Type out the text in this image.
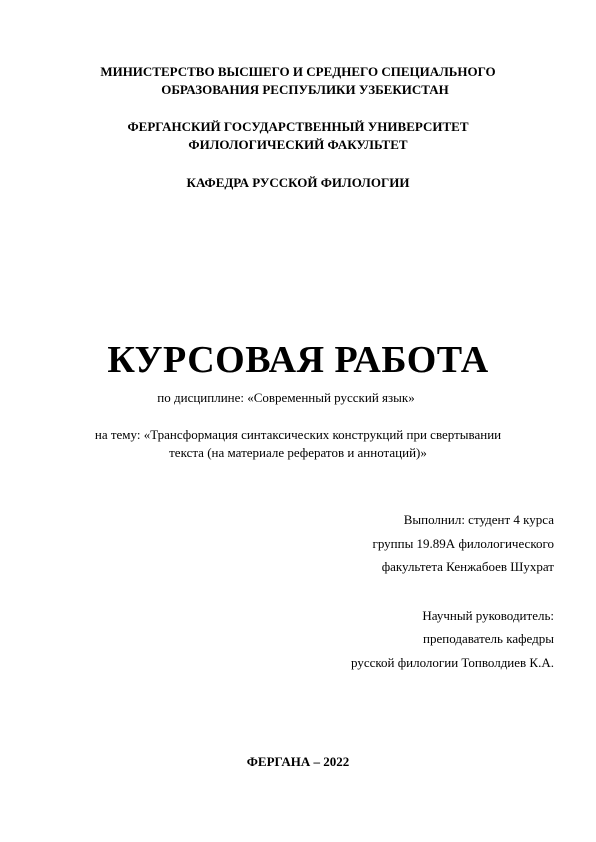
МИНИСТЕРСТВО ВЫСШЕГО И СРЕДНЕГО СПЕЦИАЛЬНОГО
ОБРАЗОВАНИЯ РЕСПУБЛИКИ УЗБЕКИСТАН
ФЕРГАНСКИЙ ГОСУДАРСТВЕННЫЙ УНИВЕРСИТЕТ
ФИЛОЛОГИЧЕСКИЙ ФАКУЛЬТЕТ
КАФЕДРА РУССКОЙ ФИЛОЛОГИИ
КУРСОВАЯ РАБОТА
по дисциплине: «Современный русский язык»
на тему: «Трансформация синтаксических конструкций при свертывании
текста (на материале рефератов и аннотаций)»
Выполнил: студент 4 курса
группы 19.89А филологического
факультета Кенжабоев Шухрат
Научный руководитель:
преподаватель кафедры
русской филологии Топволдиев К.А.
ФЕРГАНА – 2022
